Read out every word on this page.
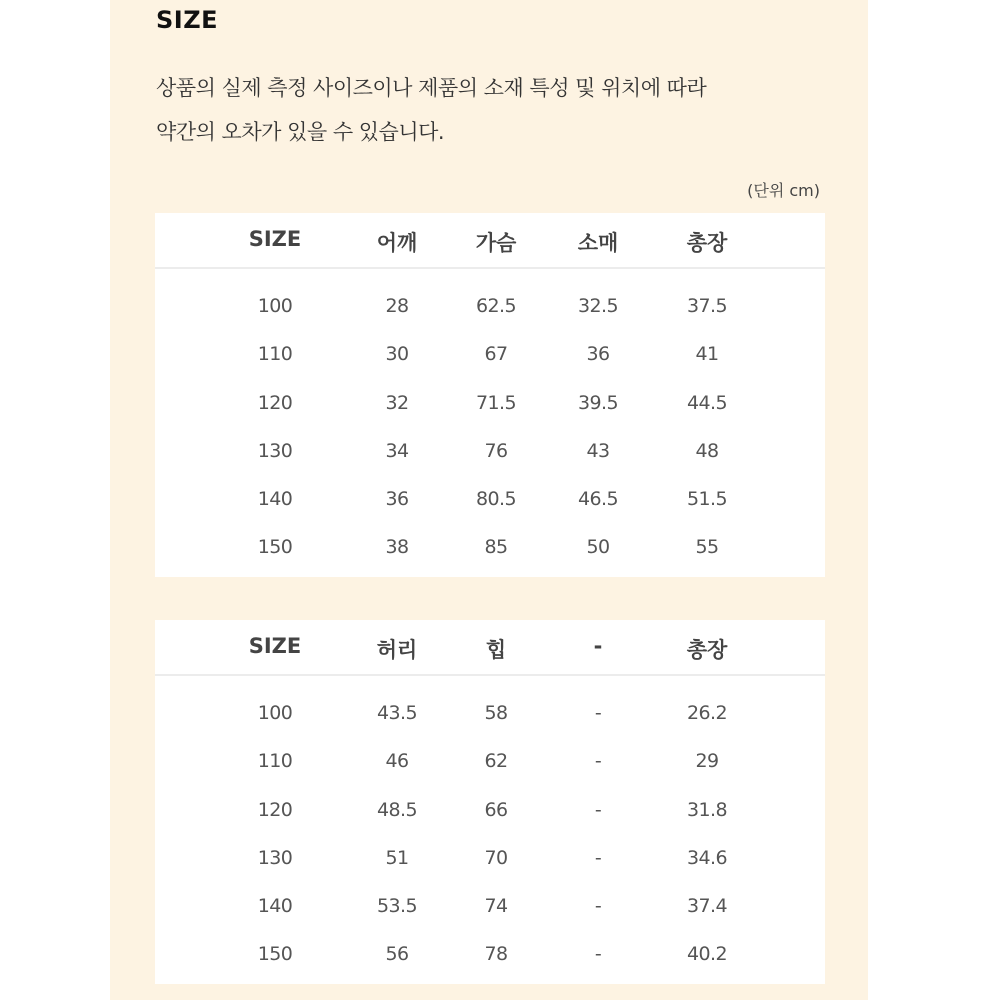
SIZE
상품의 실제 측정 사이즈이나 제품의 소재 특성 및 위치에 따라
약간의 오차가 있을 수 있습니다.
(단위 cm)
SIZE	어깨	가슴	소매	총장
100	28	62.5	32.5	37.5
110	30	67	36	41
120	32	71.5	39.5	44.5
130	34	76	43	48
140	36	80.5	46.5	51.5
150	38	85	50	55
SIZE	허리	힙	-	총장
100	43.5	58	-	26.2
110	46	62	-	29
120	48.5	66	-	31.8
130	51	70	-	34.6
140	53.5	74	-	37.4
150	56	78	-	40.2
